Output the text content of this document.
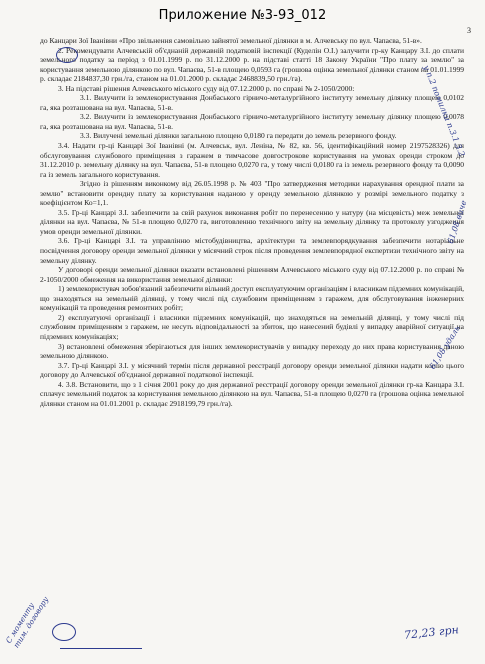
Приложение №3-93_012
3

до Канцари Зої Іванівни «Про звільнення самовільно зайнятої земельної ділянки в м. Алчевську по вул. Чапаєва, 51-в».

2. Рекомендувати Алчевській об'єднаній державній податковій інспекції (Куделін О.І.) залучити гр-ку Канцару З.І. до сплати земельного податку за період з 01.01.1999 р. по 31.12.2000 р. на підставі статті 18 Закону України "Про плату за землю" за користування земельною ділянкою по вул. Чапаєва, 51-в площею 0,0593 га (грошова оцінка земельної ділянки станом на 01.01.1999 р. складає 2184837,30 грн./га, станом на 01.01.2000 р. складає 2468839,50 грн./га).

3. На підставі рішення Алчевського міського суду від 07.12.2000 р. по справі № 2-1050/2000:

3.1. Вилучити із землекористування Донбаського гірничо-металургійного інституту земельну ділянку площею 0,0102 га, яка розташована на вул. Чапаєва, 51-в.

3.2. Вилучити із землекористування Донбаського гірничо-металургійного інституту земельну ділянку площею 0,0078 га, яка розташована на вул. Чапаєва, 51-в.

3.3. Вилучені земельні ділянки загальною площею 0,0180 га передати до земель резервного фонду.

3.4. Надати гр-ці Канцарі Зої Іванівні (м. Алчевськ, вул. Леніна, № 82, кв. 56, ідентифікаційний номер 2197528326) для обслуговування службового приміщення з гаражем в тимчасове довгострокове користування на умовах оренди строком до 31.12.2010 р. земельну ділянку на вул. Чапаєва, 51-в площею 0,0270 га, у тому числі 0,0180 га із земель резервного фонду та 0,0090 га із земель загального користування.

Згідно із рішенням виконкому від 26.05.1998 р. № 403 "Про затвердження методики нарахування орендної плати за землю" встановити орендну плату за користування наданою у оренду земельною ділянкою у розмірі земельного податку з коефіцієнтом Ко=1,1.

3.5. Гр-ці Канцарі З.І. забезпечити за свій рахунок виконання робіт по перенесенню у натуру (на місцевість) меж земельної ділянки на вул. Чапаєва, № 51-в площею 0,0270 га, виготовленню технічного звіту на земельну ділянку та протоколу узгодження умов оренди земельної ділянки.

3.6. Гр-ці Канцарі З.І. та управлінню містобудівництва, архітектури та землевпорядкування забезпечити нотаріальне посвідчення договору оренди земельної ділянки у місячний строк після проведення землевпорядної експертизи технічного звіту на земельну ділянку.

У договорі оренди земельної ділянки вказати встановлені рішенням Алчевського міського суду від 07.12.2000 р. по справі № 2-1050/2000 обмеження на використання земельної ділянки:

1) землекористувач зобов'язаний забезпечити вільний доступ експлуатуючим організаціям і власникам підземних комунікацій, що знаходяться на земельній ділянці, у тому числі під службовим приміщенням з гаражем, для обслуговування інженерних комунікацій та проведення ремонтних робіт;

2) експлуатуючі організації і власники підземних комунікацій, що знаходяться на земельній ділянці, у тому числі під службовим приміщенням з гаражем, не несуть відповідальності за збиток, що нанесений будівлі у випадку аварійної ситуації на підземних комунікаціях;

3) встановлені обмеження зберігаються для інших землекористувачів у випадку переходу до них права користування даною земельною ділянкою.

3.7. Гр-ці Канцарі З.І. у місячний термін після державної реєстрації договору оренди земельної ділянки надати копію цього договору до Алчевської об'єднаної державної податкової інспекції.

4. 3.8. Встановити, що з 1 січня 2001 року до дня державної реєстрації договору оренди земельної ділянки гр-ка Канцара З.І. сплачує земельний податок за користування земельною ділянкою на вул. Чапаєва, 51-в площею 0,0270 га (грошова оцінка земельної ділянки станом на 01.01.2001 р. складає 2918199,79 грн./га).

у п.2 помилки п.3.1.3.2
61,08 виче
61,08 удаль
С моменту тим. договору	72,23 грн
